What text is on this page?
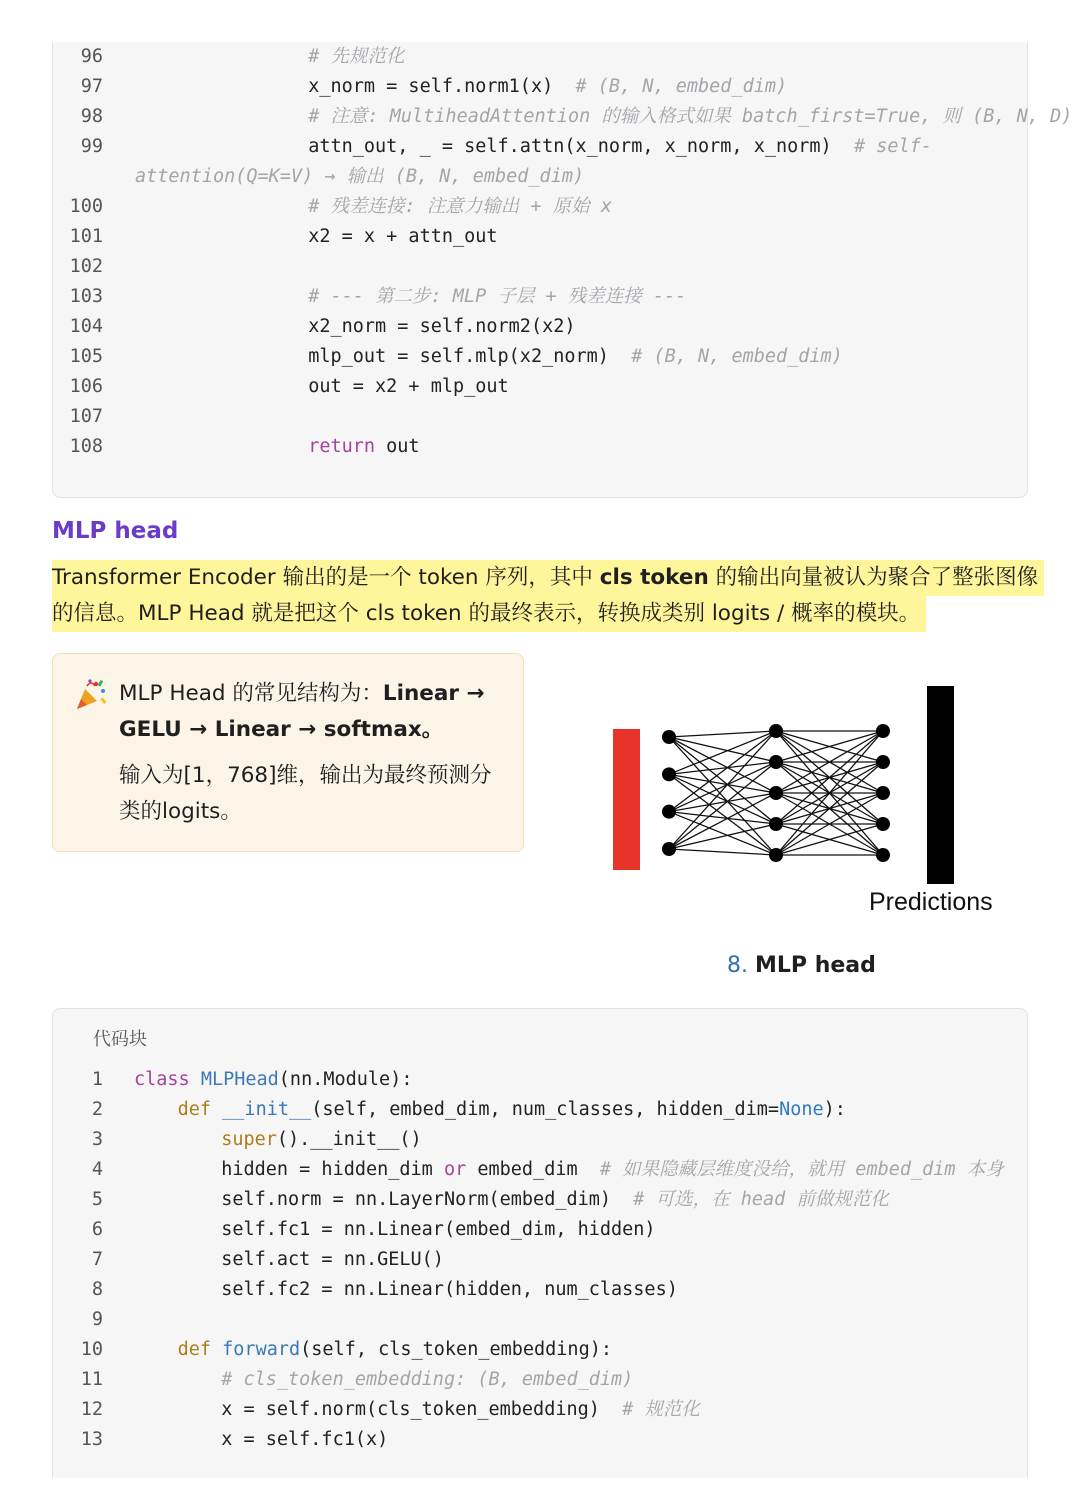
96	# 先规范化
97	x_norm = self.norm1(x)  # (B, N, embed_dim)
98	# 注意: MultiheadAttention 的输入格式如果 batch_first=True, 则 (B, N, D)
99	attn_out, _ = self.attn(x_norm, x_norm, x_norm)  # self-
attention(Q=K=V) → 输出 (B, N, embed_dim)
100	# 残差连接: 注意力输出 + 原始 x
101	x2 = x + attn_out
102
103	# --- 第二步: MLP 子层 + 残差连接 ---
104	x2_norm = self.norm2(x2)
105	mlp_out = self.mlp(x2_norm)  # (B, N, embed_dim)
106	out = x2 + mlp_out
107
108	return out
MLP head
Transformer Encoder 输出的是一个 token 序列，其中 cls token 的输出向量被认为聚合了整张图像
的信息。MLP Head 就是把这个 cls token 的最终表示，转换成类别 logits / 概率的模块。
MLP Head 的常见结构为：Linear →
GELU → Linear → softmax。
输入为[1，768]维，输出为最终预测分
类的logits。
Predictions
8. MLP head
代码块
1 class MLPHead(nn.Module):
2	def __init__(self, embed_dim, num_classes, hidden_dim=None):
3	super().__init__()
4	hidden = hidden_dim or embed_dim  # 如果隐藏层维度没给，就用 embed_dim 本身
5	self.norm = nn.LayerNorm(embed_dim)  # 可选，在 head 前做规范化
6	self.fc1 = nn.Linear(embed_dim, hidden)
7	self.act = nn.GELU()
8	self.fc2 = nn.Linear(hidden, num_classes)
9
10	def forward(self, cls_token_embedding):
11	# cls_token_embedding: (B, embed_dim)
12	x = self.norm(cls_token_embedding)  # 规范化
13	x = self.fc1(x)
